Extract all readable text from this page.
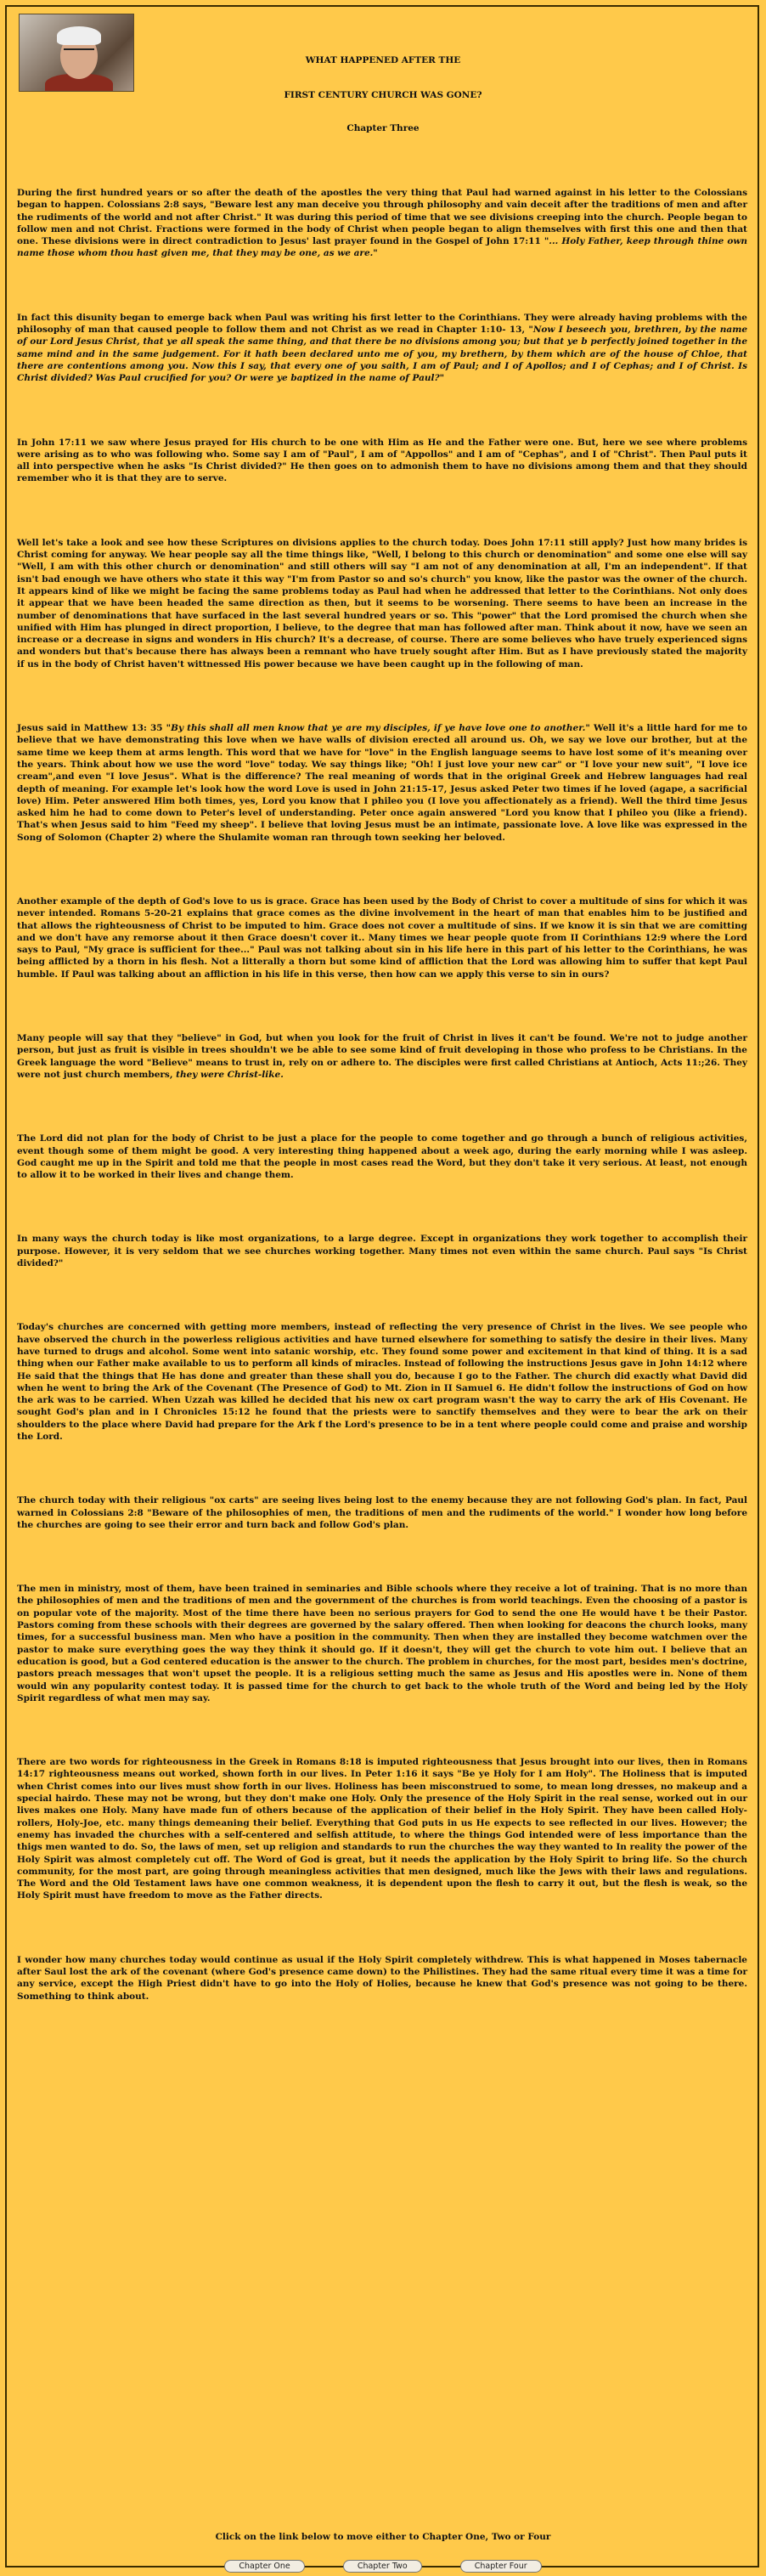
WHAT HAPPENED AFTER THE
FIRST CENTURY CHURCH WAS GONE?
Chapter Three

During the first hundred years or so after the death of the apostles the very thing that Paul had warned against in his letter to the Colossians began to happen. Colossians 2:8 says, "Beware lest any man deceive you through philosophy and vain deceit after the traditions of men and after the rudiments of the world and not after Christ." It was during this period of time that we see divisions creeping into the church. People began to follow men and not Christ. Fractions were formed in the body of Christ when people began to align themselves with first this one and then that one. These divisions were in direct contradiction to Jesus' last prayer found in the Gospel of John 17:11 "... Holy Father, keep through thine own name those whom thou hast given me, that they may be one, as we are."

In fact this disunity began to emerge back when Paul was writing his first letter to the Corinthians. They were already having problems with the philosophy of man that caused people to follow them and not Christ as we read in Chapter 1:10- 13, "Now I beseech you, brethren, by the name of our Lord Jesus Christ, that ye all speak the same thing, and that there be no divisions among you; but that ye b perfectly joined together in the same mind and in the same judgement. For it hath been declared unto me of you, my brethern, by them which are of the house of Chloe, that there are contentions among you. Now this I say, that every one of you saith, I am of Paul; and I of Apollos; and I of Cephas; and I of Christ. Is Christ divided? Was Paul crucified for you? Or were ye baptized in the name of Paul?"

In John 17:11 we saw where Jesus prayed for His church to be one with Him as He and the Father were one. But, here we see where problems were arising as to who was following who. Some say I am of "Paul", I am of "Appollos" and I am of "Cephas", and I of "Christ". Then Paul puts it all into perspective when he asks "Is Christ divided?" He then goes on to admonish them to have no divisions among them and that they should remember who it is that they are to serve.

Well let's take a look and see how these Scriptures on divisions applies to the church today. Does John 17:11 still apply? Just how many brides is Christ coming for anyway. We hear people say all the time things like, "Well, I belong to this church or denomination" and some one else will say "Well, I am with this other church or denomination" and still others will say "I am not of any denomination at all, I'm an independent". If that isn't bad enough we have others who state it this way "I'm from Pastor so and so's church" you know, like the pastor was the owner of the church. It appears kind of like we might be facing the same problems today as Paul had when he addressed that letter to the Corinthians. Not only does it appear that we have been headed the same direction as then, but it seems to be worsening. There seems to have been an increase in the number of denominations that have surfaced in the last several hundred years or so. This "power" that the Lord promised the church when she unified with Him has plunged in direct proportion, I believe, to the degree that man has followed after man. Think about it now, have we seen an increase or a decrease in signs and wonders in His church? It's a decrease, of course. There are some believes who have truely experienced signs and wonders but that's because there has always been a remnant who have truely sought after Him. But as I have previously stated the majority if us in the body of Christ haven't wittnessed His power because we have been caught up in the following of man.

Jesus said in Matthew 13: 35 "By this shall all men know that ye are my disciples, if ye have love one to another." Well it's a little hard for me to believe that we have demonstrating this love when we have walls of division erected all around us. Oh, we say we love our brother, but at the same time we keep them at arms length. This word that we have for "love" in the English language seems to have lost some of it's meaning over the years. Think about how we use the word "love" today. We say things like; "Oh! I just love your new car" or "I love your new suit", "I love ice cream",and even "I love Jesus". What is the difference? The real meaning of words that in the original Greek and Hebrew languages had real depth of meaning. For example let's look how the word Love is used in John 21:15-17, Jesus asked Peter two times if he loved (agape, a sacrificial love) Him. Peter answered Him both times, yes, Lord you know that I phileo you (I love you affectionately as a friend). Well the third time Jesus asked him he had to come down to Peter's level of understanding. Peter once again answered "Lord you know that I phileo you (like a friend). That's when Jesus said to him "Feed my sheep". I believe that loving Jesus must be an intimate, passionate love. A love like was expressed in the Song of Solomon (Chapter 2) where the Shulamite woman ran through town seeking her beloved.

Another example of the depth of God's love to us is grace. Grace has been used by the Body of Christ to cover a multitude of sins for which it was never intended. Romans 5-20-21 explains that grace comes as the divine involvement in the heart of man that enables him to be justified and that allows the righteousness of Christ to be imputed to him. Grace does not cover a multitude of sins. If we know it is sin that we are comitting and we don't have any remorse about it then Grace doesn't cover it.. Many times we hear people quote from II Corinthians 12:9 where the Lord says to Paul, "My grace is sufficient for thee..." Paul was not talking about sin in his life here in this part of his letter to the Corinthians, he was being afflicted by a thorn in his flesh. Not a litterally a thorn but some kind of affliction that the Lord was allowing him to suffer that kept Paul humble. If Paul was talking about an affliction in his life in this verse, then how can we apply this verse to sin in ours?

Many people will say that they "believe" in God, but when you look for the fruit of Christ in lives it can't be found. We're not to judge another person, but just as fruit is visible in trees shouldn't we be able to see some kind of fruit developing in those who profess to be Christians. In the Greek language the word "Believe" means to trust in, rely on or adhere to. The disciples were first called Christians at Antioch, Acts 11:;26. They were not just church members, they were Christ-like.

The Lord did not plan for the body of Christ to be just a place for the people to come together and go through a bunch of religious activities, event though some of them might be good. A very interesting thing happened about a week ago, during the early morning while I was asleep. God caught me up in the Spirit and told me that the people in most cases read the Word, but they don't take it very serious. At least, not enough to allow it to be worked in their lives and change them.

In many ways the church today is like most organizations, to a large degree. Except in organizations they work together to accomplish their purpose. However, it is very seldom that we see churches working together. Many times not even within the same church. Paul says "Is Christ divided?"

Today's churches are concerned with getting more members, instead of reflecting the very presence of Christ in the lives. We see people who have observed the church in the powerless religious activities and have turned elsewhere for something to satisfy the desire in their lives. Many have turned to drugs and alcohol. Some went into satanic worship, etc. They found some power and excitement in that kind of thing. It is a sad thing when our Father make available to us to perform all kinds of miracles. Instead of following the instructions Jesus gave in John 14:12 where He said that the things that He has done and greater than these shall you do, because I go to the Father. The church did exactly what David did when he went to bring the Ark of the Covenant (The Presence of God) to Mt. Zion in II Samuel 6. He didn't follow the instructions of God on how the ark was to be carried. When Uzzah was killed he decided that his new ox cart program wasn't the way to carry the ark of His Covenant. He sought God's plan and in I Chronicles 15:12 he found that the priests were to sanctify themselves and they were to bear the ark on their shoulders to the place where David had prepare for the Ark f the Lord's presence to be in a tent where people could come and praise and worship the Lord.

The church today with their religious "ox carts" are seeing lives being lost to the enemy because they are not following God's plan. In fact, Paul warned in Colossians 2:8 "Beware of the philosophies of men, the traditions of men and the rudiments of the world." I wonder how long before the churches are going to see their error and turn back and follow God's plan.

The men in ministry, most of them, have been trained in seminaries and Bible schools where they receive a lot of training. That is no more than the philosophies of men and the traditions of men and the government of the churches is from world teachings. Even the choosing of a pastor is on popular vote of the majority. Most of the time there have been no serious prayers for God to send the one He would have t be their Pastor. Pastors coming from these schools with their degrees are governed by the salary offered. Then when looking for deacons the church looks, many times, for a successful business man. Men who have a position in the community. Then when they are installed they become watchmen over the pastor to make sure everything goes the way they think it should go. If it doesn't, they will get the church to vote him out. I believe that an education is good, but a God centered education is the answer to the church. The problem in churches, for the most part, besides men's doctrine, pastors preach messages that won't upset the people. It is a religious setting much the same as Jesus and His apostles were in. None of them would win any popularity contest today. It is passed time for the church to get back to the whole truth of the Word and being led by the Holy Spirit regardless of what men may say.

There are two words for righteousness in the Greek in Romans 8:18 is imputed righteousness that Jesus brought into our lives, then in Romans 14:17 righteousness means out worked, shown forth in our lives. In Peter 1:16 it says "Be ye Holy for I am Holy". The Holiness that is imputed when Christ comes into our lives must show forth in our lives. Holiness has been misconstrued to some, to mean long dresses, no makeup and a special hairdo. These may not be wrong, but they don't make one Holy. Only the presence of the Holy Spirit in the real sense, worked out in our lives makes one Holy. Many have made fun of others because of the application of their belief in the Holy Spirit. They have been called Holy-rollers, Holy-Joe, etc. many things demeaning their belief. Everything that God puts in us He expects to see reflected in our lives. However; the enemy has invaded the churches with a self-centered and selfish attitude, to where the things God intended were of less importance than the thigs men wanted to do. So, the laws of men, set up religion and standards to run the churches the way they wanted to In reality the power of the Holy Spirit was almost completely cut off. The Word of God is great, but it needs the application by the Holy Spirit to bring life. So the church community, for the most part, are going through meaningless activities that men designed, much like the Jews with their laws and regulations. The Word and the Old Testament laws have one common weakness, it is dependent upon the flesh to carry it out, but the flesh is weak, so the Holy Spirit must have freedom to move as the Father directs.

I wonder how many churches today would continue as usual if the Holy Spirit completely withdrew. This is what happened in Moses tabernacle after Saul lost the ark of the covenant (where God's presence came down) to the Philistines. They had the same ritual every time it was a time for any service, except the High Priest didn't have to go into the Holy of Holies, because he knew that God's presence was not going to be there. Something to think about.

Click on the link below to move either to Chapter One, Two or Four
Chapter One	Chapter Two	Chapter Four
